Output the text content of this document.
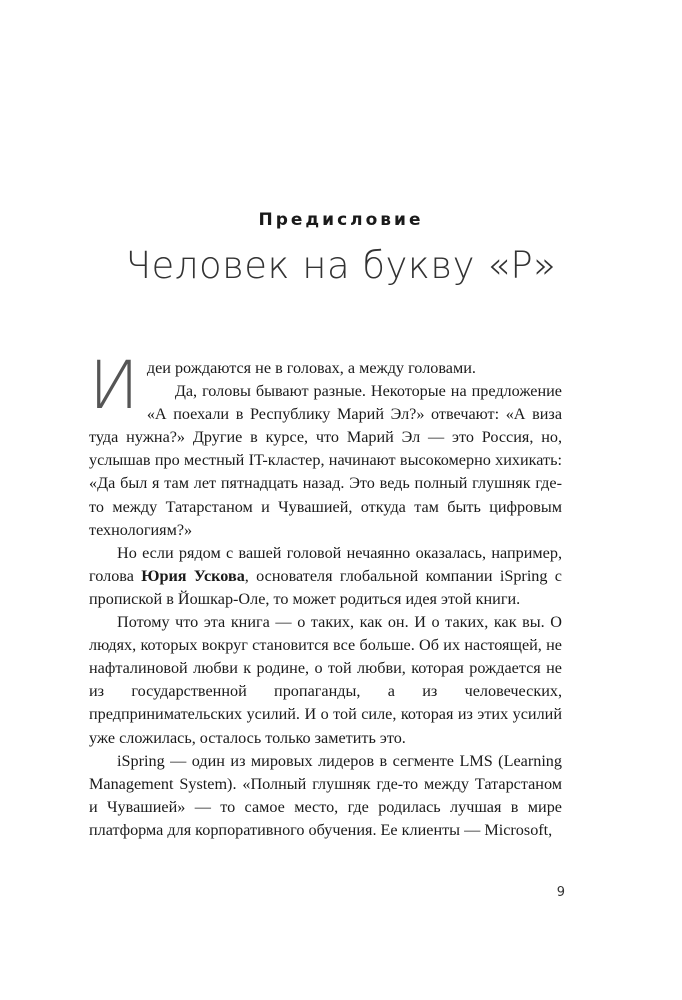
Предисловие
Человек на букву «Р»

Идеи рождаются не в головах, а между головами.

Да, головы бывают разные. Некоторые на предложение «А поехали в Республику Марий Эл?» отвечают: «А виза туда нужна?» Другие в курсе, что Марий Эл — это Россия, но, услышав про местный IT-кластер, начинают высокомерно хихикать: «Да был я там лет пятнадцать назад. Это ведь полный глушняк где-то между Татарстаном и Чувашией, откуда там быть цифровым технологиям?»

Но если рядом с вашей головой нечаянно оказалась, например, голова Юрия Ускова, основателя глобальной компании iSpring с пропиской в Йошкар-Оле, то может родиться идея этой книги.

Потому что эта книга — о таких, как он. И о таких, как вы. О людях, которых вокруг становится все больше. Об их настоящей, не нафталиновой любви к родине, о той любви, которая рождается не из государственной пропаганды, а из человеческих, предпринимательских усилий. И о той силе, которая из этих усилий уже сложилась, осталось только заметить это.

iSpring — один из мировых лидеров в сегменте LMS (Learning Management System). «Полный глушняк где-то между Татарстаном и Чувашией» — то самое место, где родилась лучшая в мире платформа для корпоративного обучения. Ее клиенты — Microsoft,

9
